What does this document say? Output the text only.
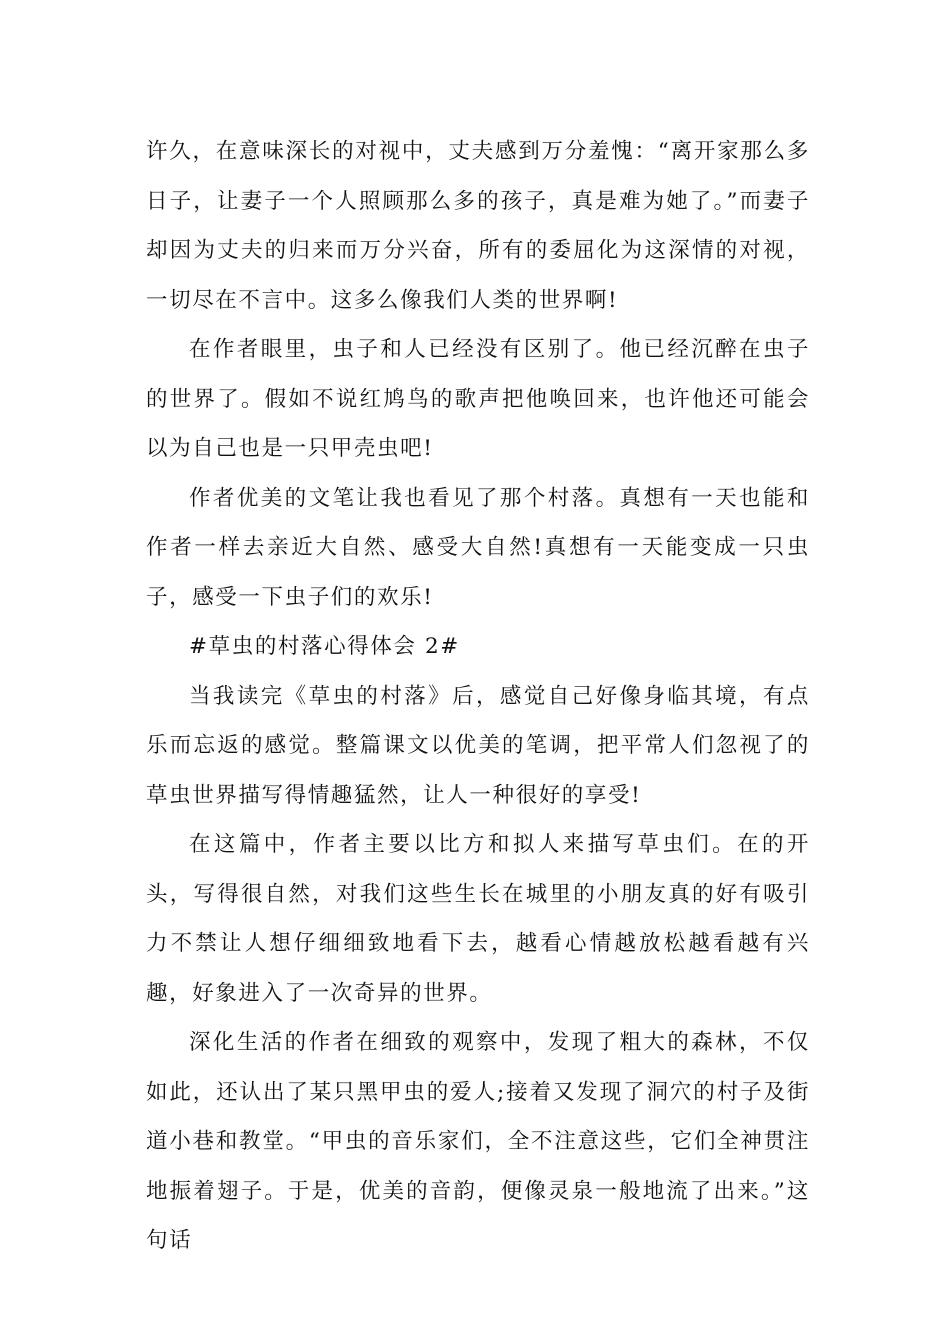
许久，在意味深长的对视中，丈夫感到万分羞愧：“离开家那么多日子，让妻子一个人照顾那么多的孩子，真是难为她了。”而妻子却因为丈夫的归来而万分兴奋，所有的委屈化为这深情的对视，一切尽在不言中。这多么像我们人类的世界啊!

在作者眼里，虫子和人已经没有区别了。他已经沉醉在虫子的世界了。假如不说红鸠鸟的歌声把他唤回来，也许他还可能会以为自己也是一只甲壳虫吧!

作者优美的文笔让我也看见了那个村落。真想有一天也能和作者一样去亲近大自然、感受大自然!真想有一天能变成一只虫子，感受一下虫子们的欢乐!

#草虫的村落心得体会 2#

当我读完《草虫的村落》后，感觉自己好像身临其境，有点乐而忘返的感觉。整篇课文以优美的笔调，把平常人们忽视了的草虫世界描写得情趣猛然，让人一种很好的享受!

在这篇中，作者主要以比方和拟人来描写草虫们。在的开头，写得很自然，对我们这些生长在城里的小朋友真的好有吸引力不禁让人想仔细细致地看下去，越看心情越放松越看越有兴趣，好象进入了一次奇异的世界。

深化生活的作者在细致的观察中，发现了粗大的森林，不仅如此，还认出了某只黑甲虫的爱人;接着又发现了洞穴的村子及街道小巷和教堂。“甲虫的音乐家们，全不注意这些，它们全神贯注地振着翅子。于是，优美的音韵，便像灵泉一般地流了出来。”这句话
